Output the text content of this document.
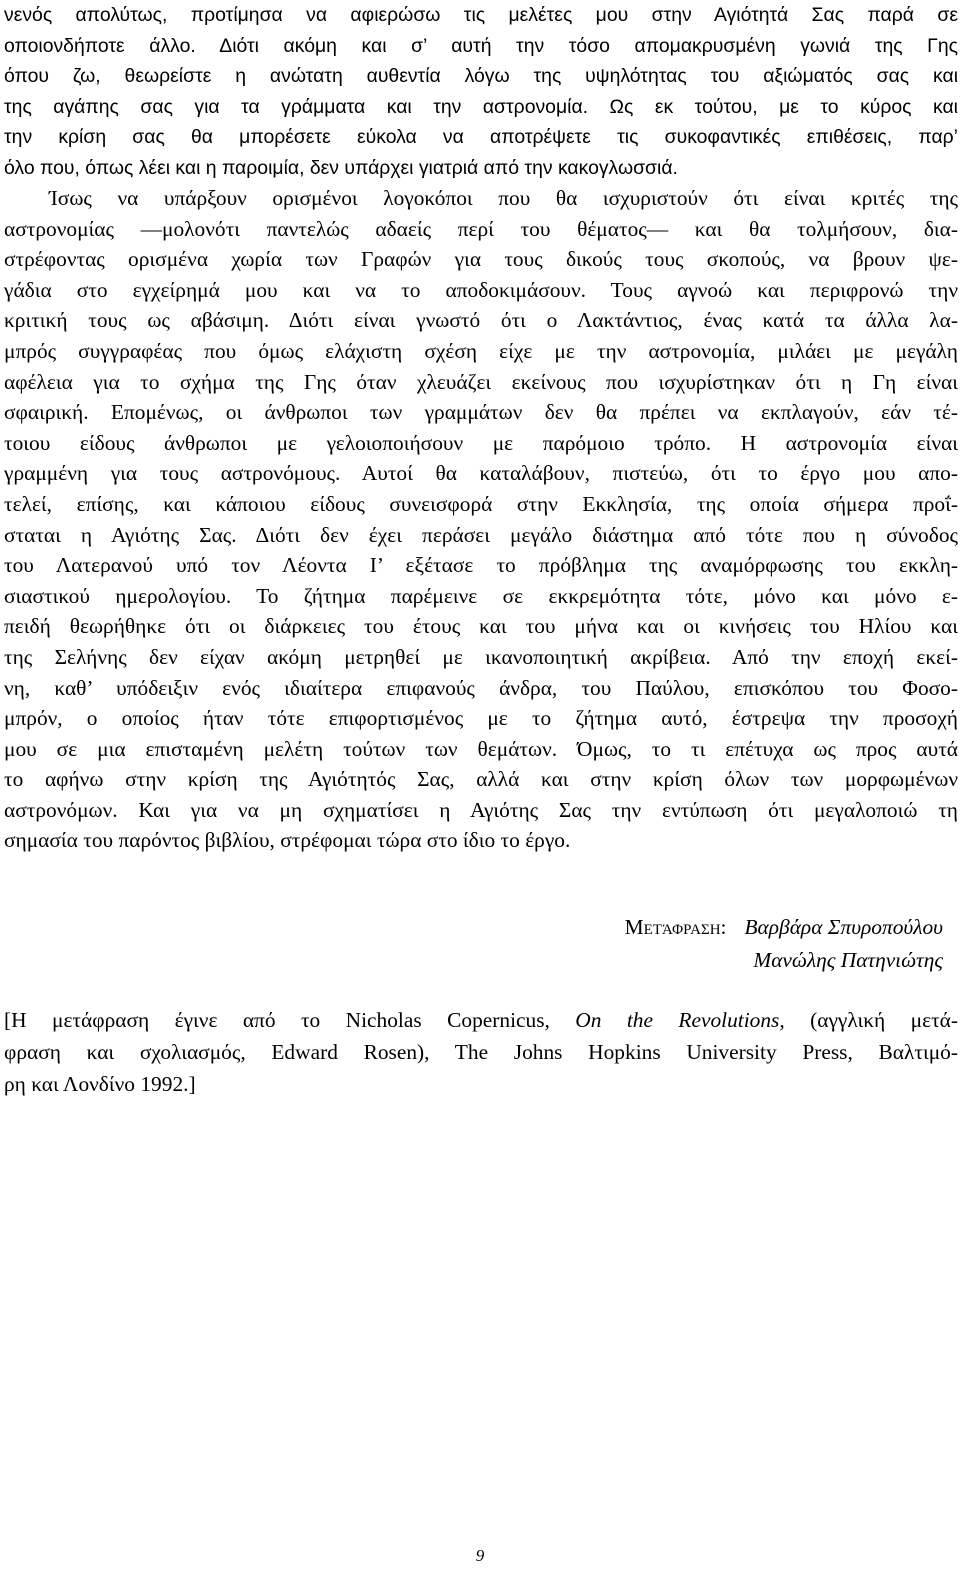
νενός απολύτως, προτίμησα να αφιερώσω τις μελέτες μου στην Αγιότητά Σας παρά σε
οποιονδήποτε άλλο. Διότι ακόμη και σ’ αυτή την τόσο απομακρυσμένη γωνιά της Γης
όπου ζω, θεωρείστε η ανώτατη αυθεντία λόγω της υψηλότητας του αξιώματός σας και
της αγάπης σας για τα γράμματα και την αστρονομία. Ως εκ τούτου, με το κύρος και
την κρίση σας θα μπορέσετε εύκολα να αποτρέψετε τις συκοφαντικές επιθέσεις, παρ’
όλο που, όπως λέει και η παροιμία, δεν υπάρχει γιατριά από την κακογλωσσιά.
Ίσως να υπάρξουν ορισμένοι λογοκόποι που θα ισχυριστούν ότι είναι κριτές της
αστρονομίας —μολονότι παντελώς αδαείς περί του θέματος— και θα τολμήσουν, δια-
στρέφοντας ορισμένα χωρία των Γραφών για τους δικούς τους σκοπούς, να βρουν ψε-
γάδια στο εγχείρημά μου και να το αποδοκιμάσουν. Τους αγνοώ και περιφρονώ την
κριτική τους ως αβάσιμη. Διότι είναι γνωστό ότι ο Λακτάντιος, ένας κατά τα άλλα λα-
μπρός συγγραφέας που όμως ελάχιστη σχέση είχε με την αστρονομία, μιλάει με μεγάλη
αφέλεια για το σχήμα της Γης όταν χλευάζει εκείνους που ισχυρίστηκαν ότι η Γη είναι
σφαιρική. Επομένως, οι άνθρωποι των γραμμάτων δεν θα πρέπει να εκπλαγούν, εάν τέ-
τοιου είδους άνθρωποι με γελοιοποιήσουν με παρόμοιο τρόπο. Η αστρονομία είναι
γραμμένη για τους αστρονόμους. Αυτοί θα καταλάβουν, πιστεύω, ότι το έργο μου απο-
τελεί, επίσης, και κάποιου είδους συνεισφορά στην Εκκλησία, της οποία σήμερα προΐ-
σταται η Αγιότης Σας. Διότι δεν έχει περάσει μεγάλο διάστημα από τότε που η σύνοδος
του Λατερανού υπό τον Λέοντα Ι’ εξέτασε το πρόβλημα της αναμόρφωσης του εκκλη-
σιαστικού ημερολογίου. Το ζήτημα παρέμεινε σε εκκρεμότητα τότε, μόνο και μόνο ε-
πειδή θεωρήθηκε ότι οι διάρκειες του έτους και του μήνα και οι κινήσεις του Ηλίου και
της Σελήνης δεν είχαν ακόμη μετρηθεί με ικανοποιητική ακρίβεια. Από την εποχή εκεί-
νη, καθ’ υπόδειξιν ενός ιδιαίτερα επιφανούς άνδρα, του Παύλου, επισκόπου του Φοσο-
μπρόν, ο οποίος ήταν τότε επιφορτισμένος με το ζήτημα αυτό, έστρεψα την προσοχή
μου σε μια επισταμένη μελέτη τούτων των θεμάτων. Όμως, το τι επέτυχα ως προς αυτά
το αφήνω στην κρίση της Αγιότητός Σας, αλλά και στην κρίση όλων των μορφωμένων
αστρονόμων. Και για να μη σχηματίσει η Αγιότης Σας την εντύπωση ότι μεγαλοποιώ τη
σημασία του παρόντος βιβλίου, στρέφομαι τώρα στο ίδιο το έργο.
Μετάφραση: Βαρβάρα Σπυροπούλου
Μανώλης Πατηνιώτης
[Η μετάφραση έγινε από το Nicholas Copernicus, On the Revolutions, (αγγλική μετά-
φραση και σχολιασμός, Edward Rosen), The Johns Hopkins University Press, Βαλτιμό-
ρη και Λονδίνο 1992.]
9
